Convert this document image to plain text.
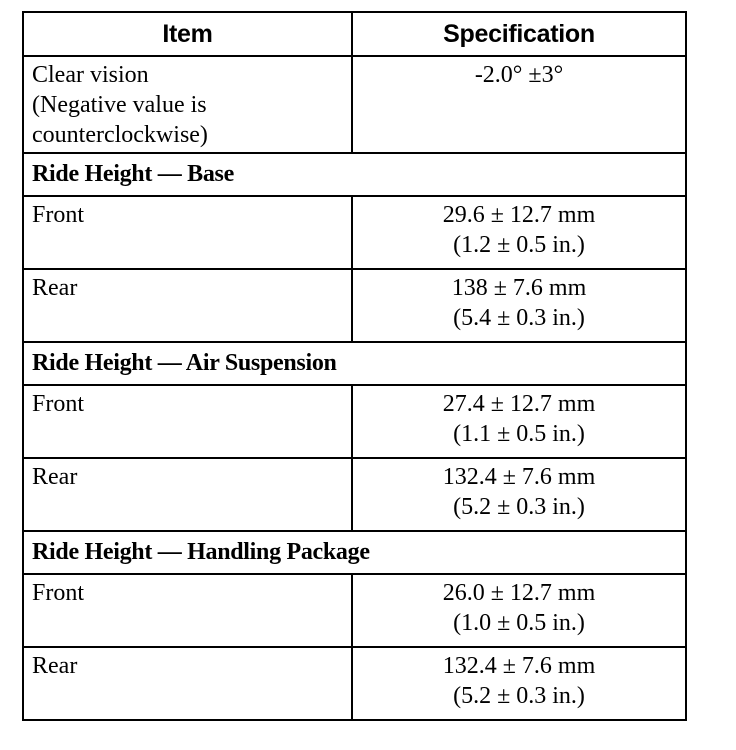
Item	Specification

Clear vision
(Negative value is
counterclockwise)	-2.0° ±3°

Ride Height — Base	
Front	29.6 ± 12.7 mm
(1.2 ± 0.5 in.)

Rear	138 ± 7.6 mm
(5.4 ± 0.3 in.)

Ride Height — Air Suspension	
Front	27.4 ± 12.7 mm
(1.1 ± 0.5 in.)

Rear	132.4 ± 7.6 mm
(5.2 ± 0.3 in.)

Ride Height — Handling Package	
Front	26.0 ± 12.7 mm
(1.0 ± 0.5 in.)

Rear	132.4 ± 7.6 mm
(5.2 ± 0.3 in.)
